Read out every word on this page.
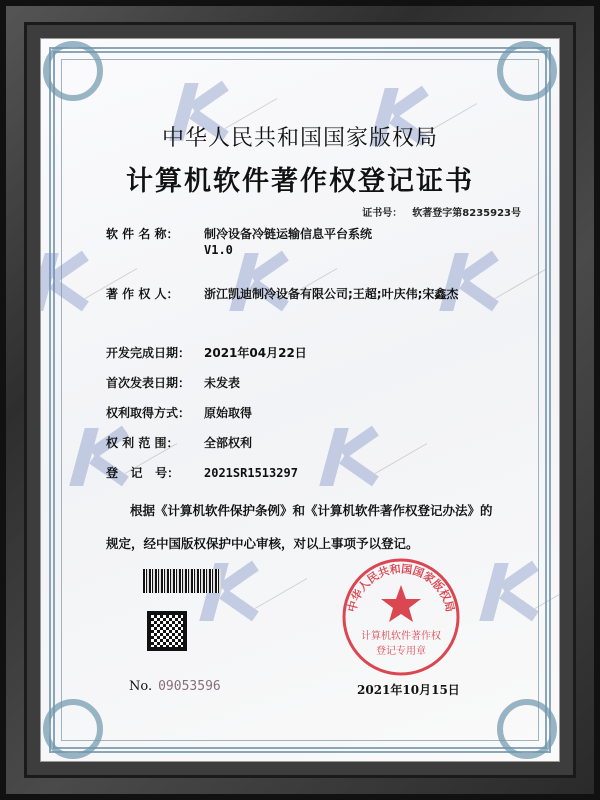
中华人民共和国国家版权局
计算机软件著作权登记证书
证书号： 软著登字第8235923号
软 件 名 称： 制冷设备冷链运输信息平台系统
V1.0
著 作 权 人： 浙江凯迪制冷设备有限公司;王超;叶庆伟;宋鑫杰
开发完成日期： 2021年04月22日
首次发表日期： 未发表
权利取得方式： 原始取得
权 利 范 围： 全部权利
登   记   号： 2021SR1513297
根据《计算机软件保护条例》和《计算机软件著作权登记办法》的
规定，经中国版权保护中心审核，对以上事项予以登记。
No. 09053596
中华人民共和国国家版权局
计算机软件著作权
登记专用章
2021年10月15日
